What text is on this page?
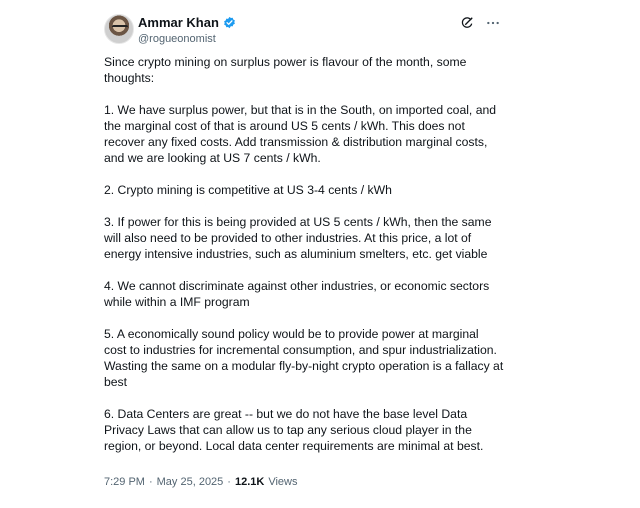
Ammar Khan
@rogueonomist

Since crypto mining on surplus power is flavour of the month, some thoughts:

1. We have surplus power, but that is in the South, on imported coal, and the marginal cost of that is around US 5 cents / kWh. This does not recover any fixed costs. Add transmission & distribution marginal costs, and we are looking at US 7 cents / kWh.

2. Crypto mining is competitive at US 3-4 cents / kWh

3. If power for this is being provided at US 5 cents / kWh, then the same will also need to be provided to other industries. At this price, a lot of energy intensive industries, such as aluminium smelters, etc. get viable

4. We cannot discriminate against other industries, or economic sectors while within a IMF program

5. A economically sound policy would be to provide power at marginal cost to industries for incremental consumption, and spur industrialization. Wasting the same on a modular fly-by-night crypto operation is a fallacy at best

6. Data Centers are great -- but we do not have the base level Data Privacy Laws that can allow us to tap any serious cloud player in the region, or beyond. Local data center requirements are minimal at best.

7:29 PM · May 25, 2025 · 12.1K Views
